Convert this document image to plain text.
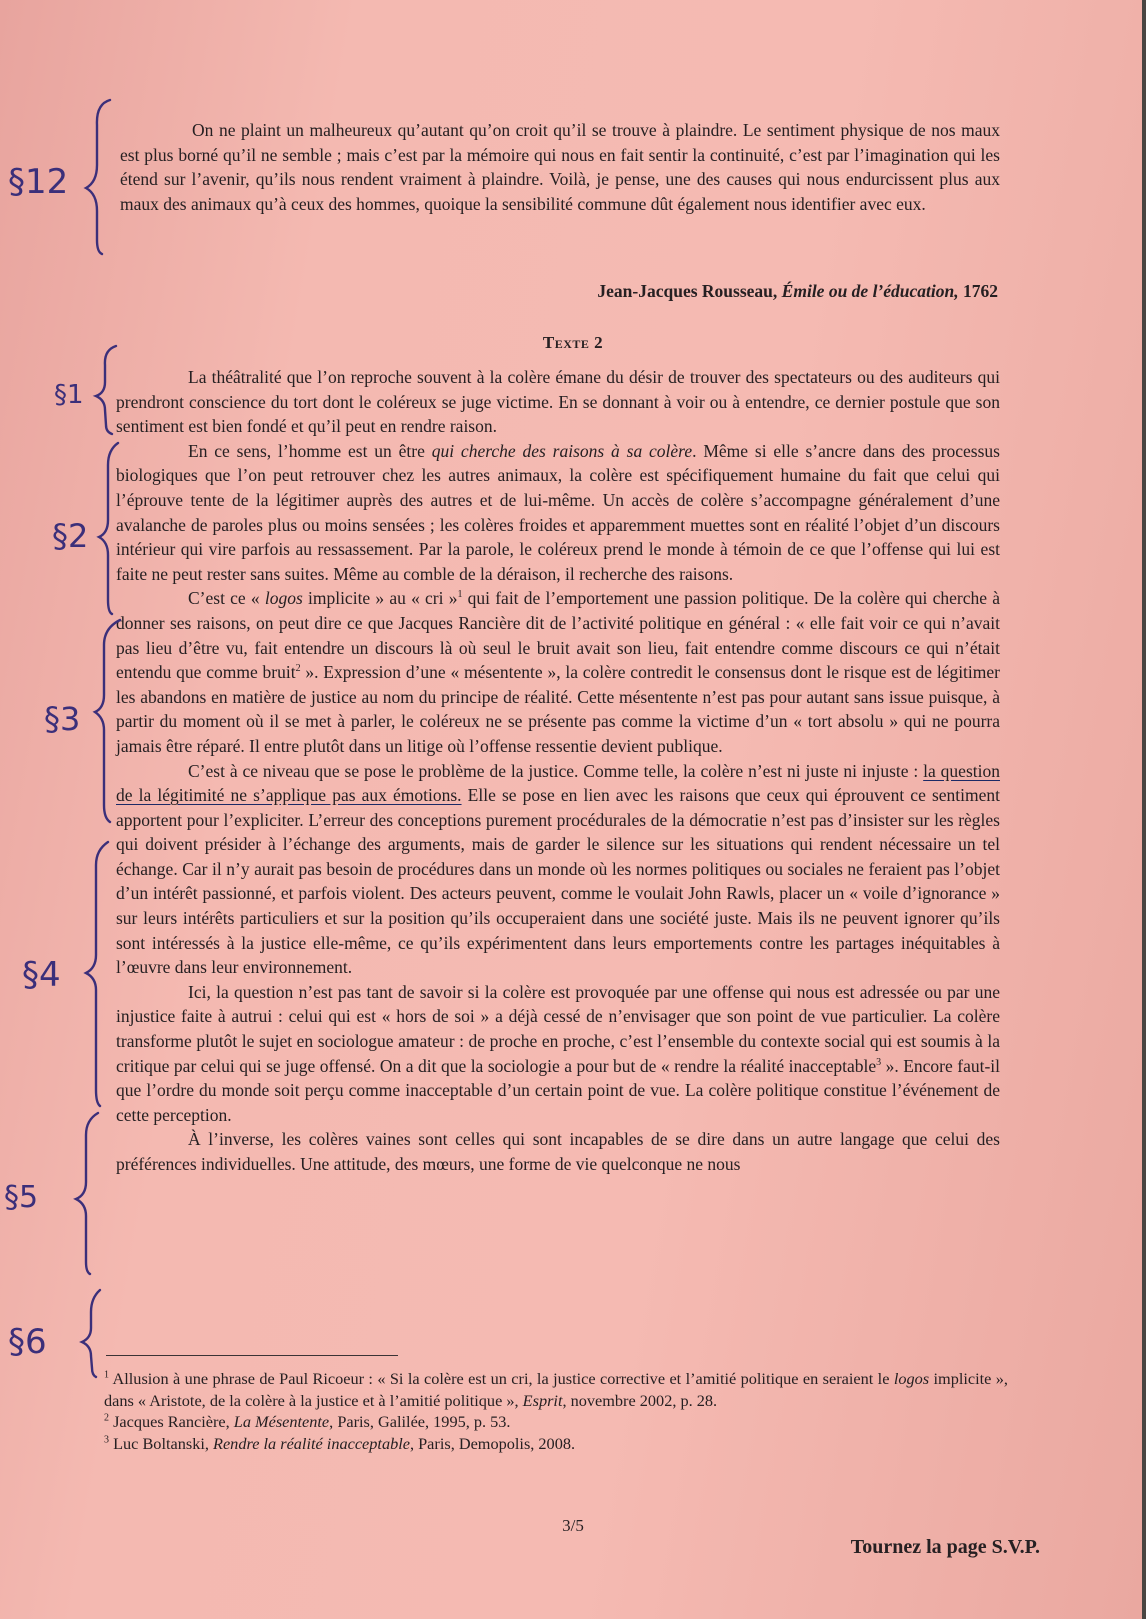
On ne plaint un malheureux qu’autant qu’on croit qu’il se trouve à plaindre. Le sentiment physique de nos maux est plus borné qu’il ne semble ; mais c’est par la mémoire qui nous en fait sentir la continuité, c’est par l’imagination qui les étend sur l’avenir, qu’ils nous rendent vraiment à plaindre. Voilà, je pense, une des causes qui nous endurcissent plus aux maux des animaux qu’à ceux des hommes, quoique la sensibilité commune dût également nous identifier avec eux.

Jean-Jacques Rousseau, Émile ou de l’éducation, 1762
Texte 2

La théâtralité que l’on reproche souvent à la colère émane du désir de trouver des spectateurs ou des auditeurs qui prendront conscience du tort dont le coléreux se juge victime. En se donnant à voir ou à entendre, ce dernier postule que son sentiment est bien fondé et qu’il peut en rendre raison.

En ce sens, l’homme est un être qui cherche des raisons à sa colère. Même si elle s’ancre dans des processus biologiques que l’on peut retrouver chez les autres animaux, la colère est spécifiquement humaine du fait que celui qui l’éprouve tente de la légitimer auprès des autres et de lui-même. Un accès de colère s’accompagne généralement d’une avalanche de paroles plus ou moins sensées ; les colères froides et apparemment muettes sont en réalité l’objet d’un discours intérieur qui vire parfois au ressassement. Par la parole, le coléreux prend le monde à témoin de ce que l’offense qui lui est faite ne peut rester sans suites. Même au comble de la déraison, il recherche des raisons.

C’est ce « logos implicite » au « cri »$^1$ qui fait de l’emportement une passion politique. De la colère qui cherche à donner ses raisons, on peut dire ce que Jacques Rancière dit de l’activité politique en général : « elle fait voir ce qui n’avait pas lieu d’être vu, fait entendre un discours là où seul le bruit avait son lieu, fait entendre comme discours ce qui n’était entendu que comme bruit$^2$ ». Expression d’une « mésentente », la colère contredit le consensus dont le risque est de légitimer les abandons en matière de justice au nom du principe de réalité. Cette mésentente n’est pas pour autant sans issue puisque, à partir du moment où il se met à parler, le coléreux ne se présente pas comme la victime d’un « tort absolu » qui ne pourra jamais être réparé. Il entre plutôt dans un litige où l’offense ressentie devient publique.

C’est à ce niveau que se pose le problème de la justice. Comme telle, la colère n’est ni juste ni injuste : la question de la légitimité ne s’applique pas aux émotions. Elle se pose en lien avec les raisons que ceux qui éprouvent ce sentiment apportent pour l’expliciter. L’erreur des conceptions purement procédurales de la démocratie n’est pas d’insister sur les règles qui doivent présider à l’échange des arguments, mais de garder le silence sur les situations qui rendent nécessaire un tel échange. Car il n’y aurait pas besoin de procédures dans un monde où les normes politiques ou sociales ne feraient pas l’objet d’un intérêt passionné, et parfois violent. Des acteurs peuvent, comme le voulait John Rawls, placer un « voile d’ignorance » sur leurs intérêts particuliers et sur la position qu’ils occuperaient dans une société juste. Mais ils ne peuvent ignorer qu’ils sont intéressés à la justice elle-même, ce qu’ils expérimentent dans leurs emportements contre les partages inéquitables à l’œuvre dans leur environnement.

Ici, la question n’est pas tant de savoir si la colère est provoquée par une offense qui nous est adressée ou par une injustice faite à autrui : celui qui est « hors de soi » a déjà cessé de n’envisager que son point de vue particulier. La colère transforme plutôt le sujet en sociologue amateur : de proche en proche, c’est l’ensemble du contexte social qui est soumis à la critique par celui qui se juge offensé. On a dit que la sociologie a pour but de « rendre la réalité inacceptable$^3$ ». Encore faut-il que l’ordre du monde soit perçu comme inacceptable d’un certain point de vue. La colère politique constitue l’événement de cette perception.

À l’inverse, les colères vaines sont celles qui sont incapables de se dire dans un autre langage que celui des préférences individuelles. Une attitude, des mœurs, une forme de vie quelconque ne nous

$^1$ Allusion à une phrase de Paul Ricoeur : « Si la colère est un cri, la justice corrective et l’amitié politique en seraient le logos implicite », dans « Aristote, de la colère à la justice et à l’amitié politique », Esprit, novembre 2002, p. 28.

$^2$ Jacques Rancière, La Mésentente, Paris, Galilée, 1995, p. 53.

$^3$ Luc Boltanski, Rendre la réalité inacceptable, Paris, Demopolis, 2008.

3/5
Tournez la page S.V.P.
§12
§1
§2
§3
§4
§5
§6
